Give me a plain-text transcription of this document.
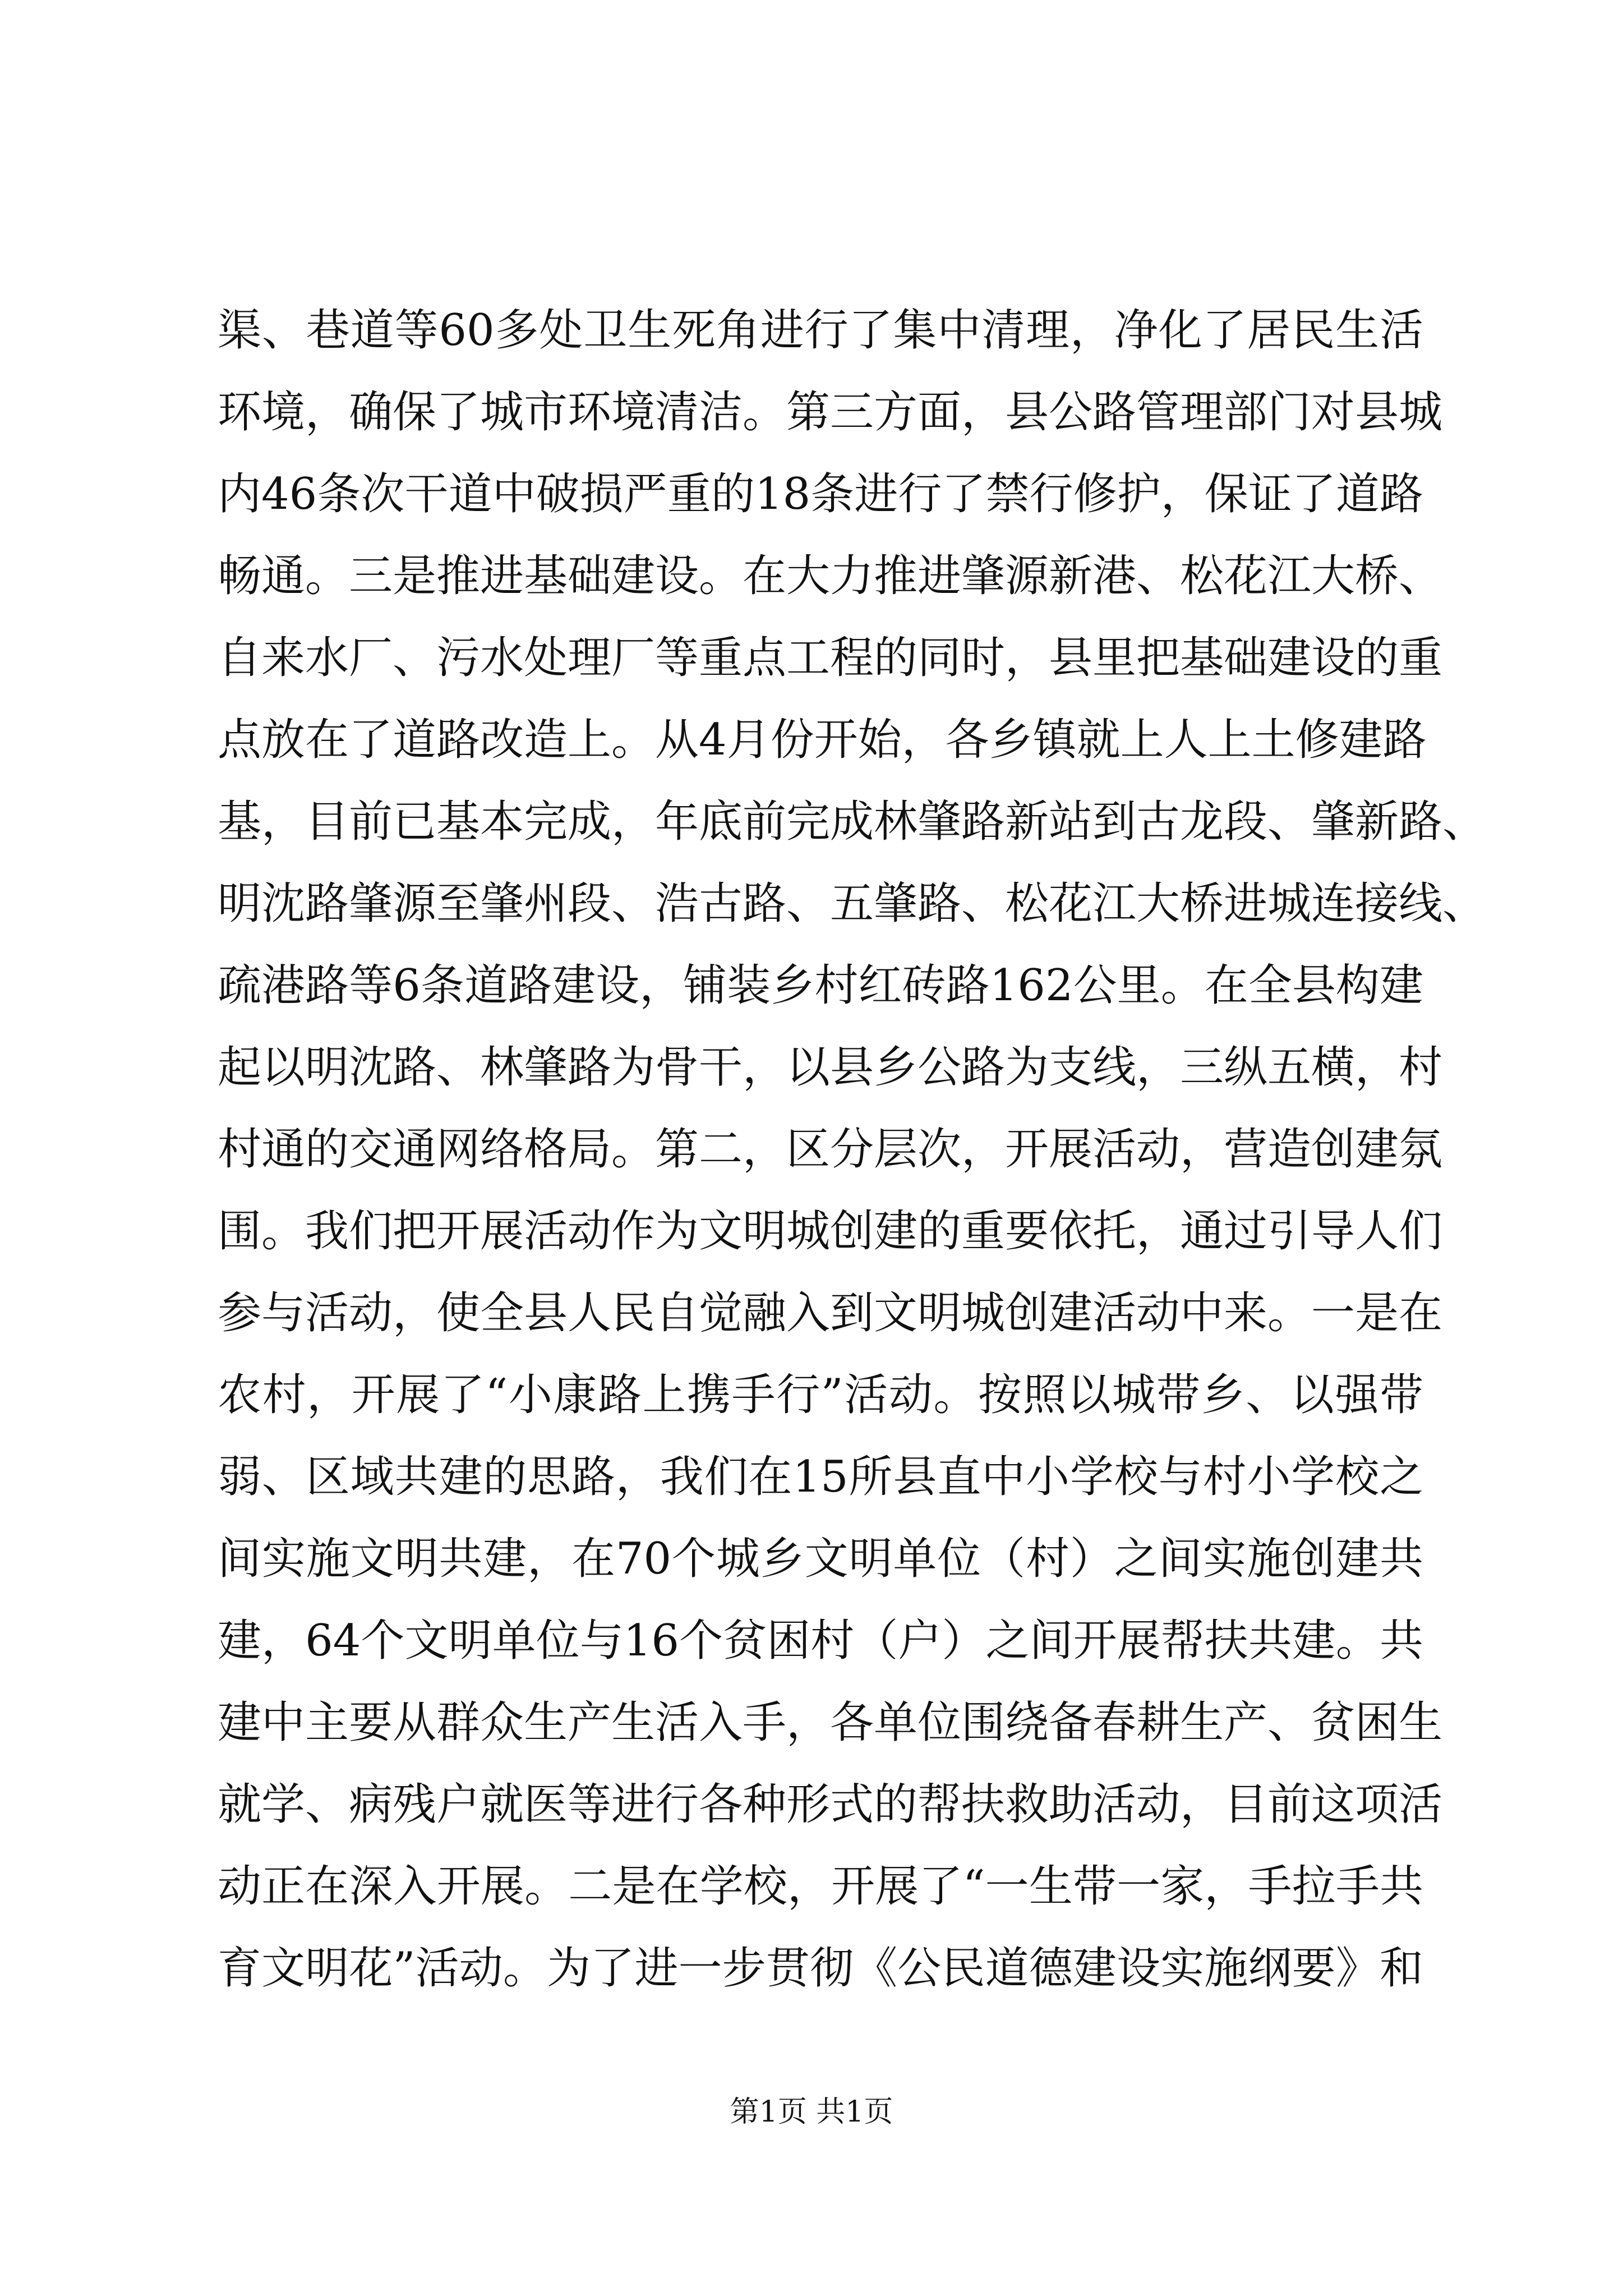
渠、巷道等60多处卫生死角进行了集中清理，净化了居民生活
环境，确保了城市环境清洁。第三方面，县公路管理部门对县城
内46条次干道中破损严重的18条进行了禁行修护，保证了道路
畅通。三是推进基础建设。在大力推进肇源新港、松花江大桥、
自来水厂、污水处理厂等重点工程的同时，县里把基础建设的重
点放在了道路改造上。从4月份开始，各乡镇就上人上土修建路
基，目前已基本完成，年底前完成林肇路新站到古龙段、肇新路、
明沈路肇源至肇州段、浩古路、五肇路、松花江大桥进城连接线、
疏港路等6条道路建设，铺装乡村红砖路162公里。在全县构建
起以明沈路、林肇路为骨干，以县乡公路为支线，三纵五横，村
村通的交通网络格局。第二，区分层次，开展活动，营造创建氛
围。我们把开展活动作为文明城创建的重要依托，通过引导人们
参与活动，使全县人民自觉融入到文明城创建活动中来。一是在
农村，开展了“小康路上携手行”活动。按照以城带乡、以强带
弱、区域共建的思路，我们在15所县直中小学校与村小学校之
间实施文明共建，在70个城乡文明单位（村）之间实施创建共
建，64个文明单位与16个贫困村（户）之间开展帮扶共建。共
建中主要从群众生产生活入手，各单位围绕备春耕生产、贫困生
就学、病残户就医等进行各种形式的帮扶救助活动，目前这项活
动正在深入开展。二是在学校，开展了“一生带一家，手拉手共
育文明花”活动。为了进一步贯彻《公民道德建设实施纲要》和
第1页 共1页
